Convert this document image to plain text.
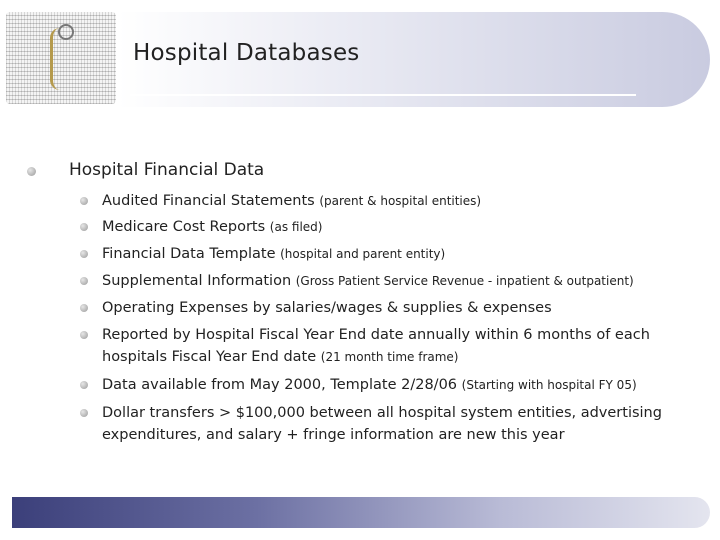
Hospital Databases
Hospital Financial Data
Audited Financial Statements (parent & hospital entities)
Medicare Cost Reports (as filed)
Financial Data Template (hospital and parent entity)
Supplemental Information (Gross Patient Service Revenue - inpatient & outpatient)
Operating Expenses by salaries/wages & supplies & expenses
Reported by Hospital Fiscal Year End date annually within 6 months of each hospitals Fiscal Year End date (21 month time frame)
Data available from May 2000, Template 2/28/06 (Starting with hospital FY 05)
Dollar transfers > $100,000 between all hospital system entities, advertising expenditures, and salary + fringe information are new this year
